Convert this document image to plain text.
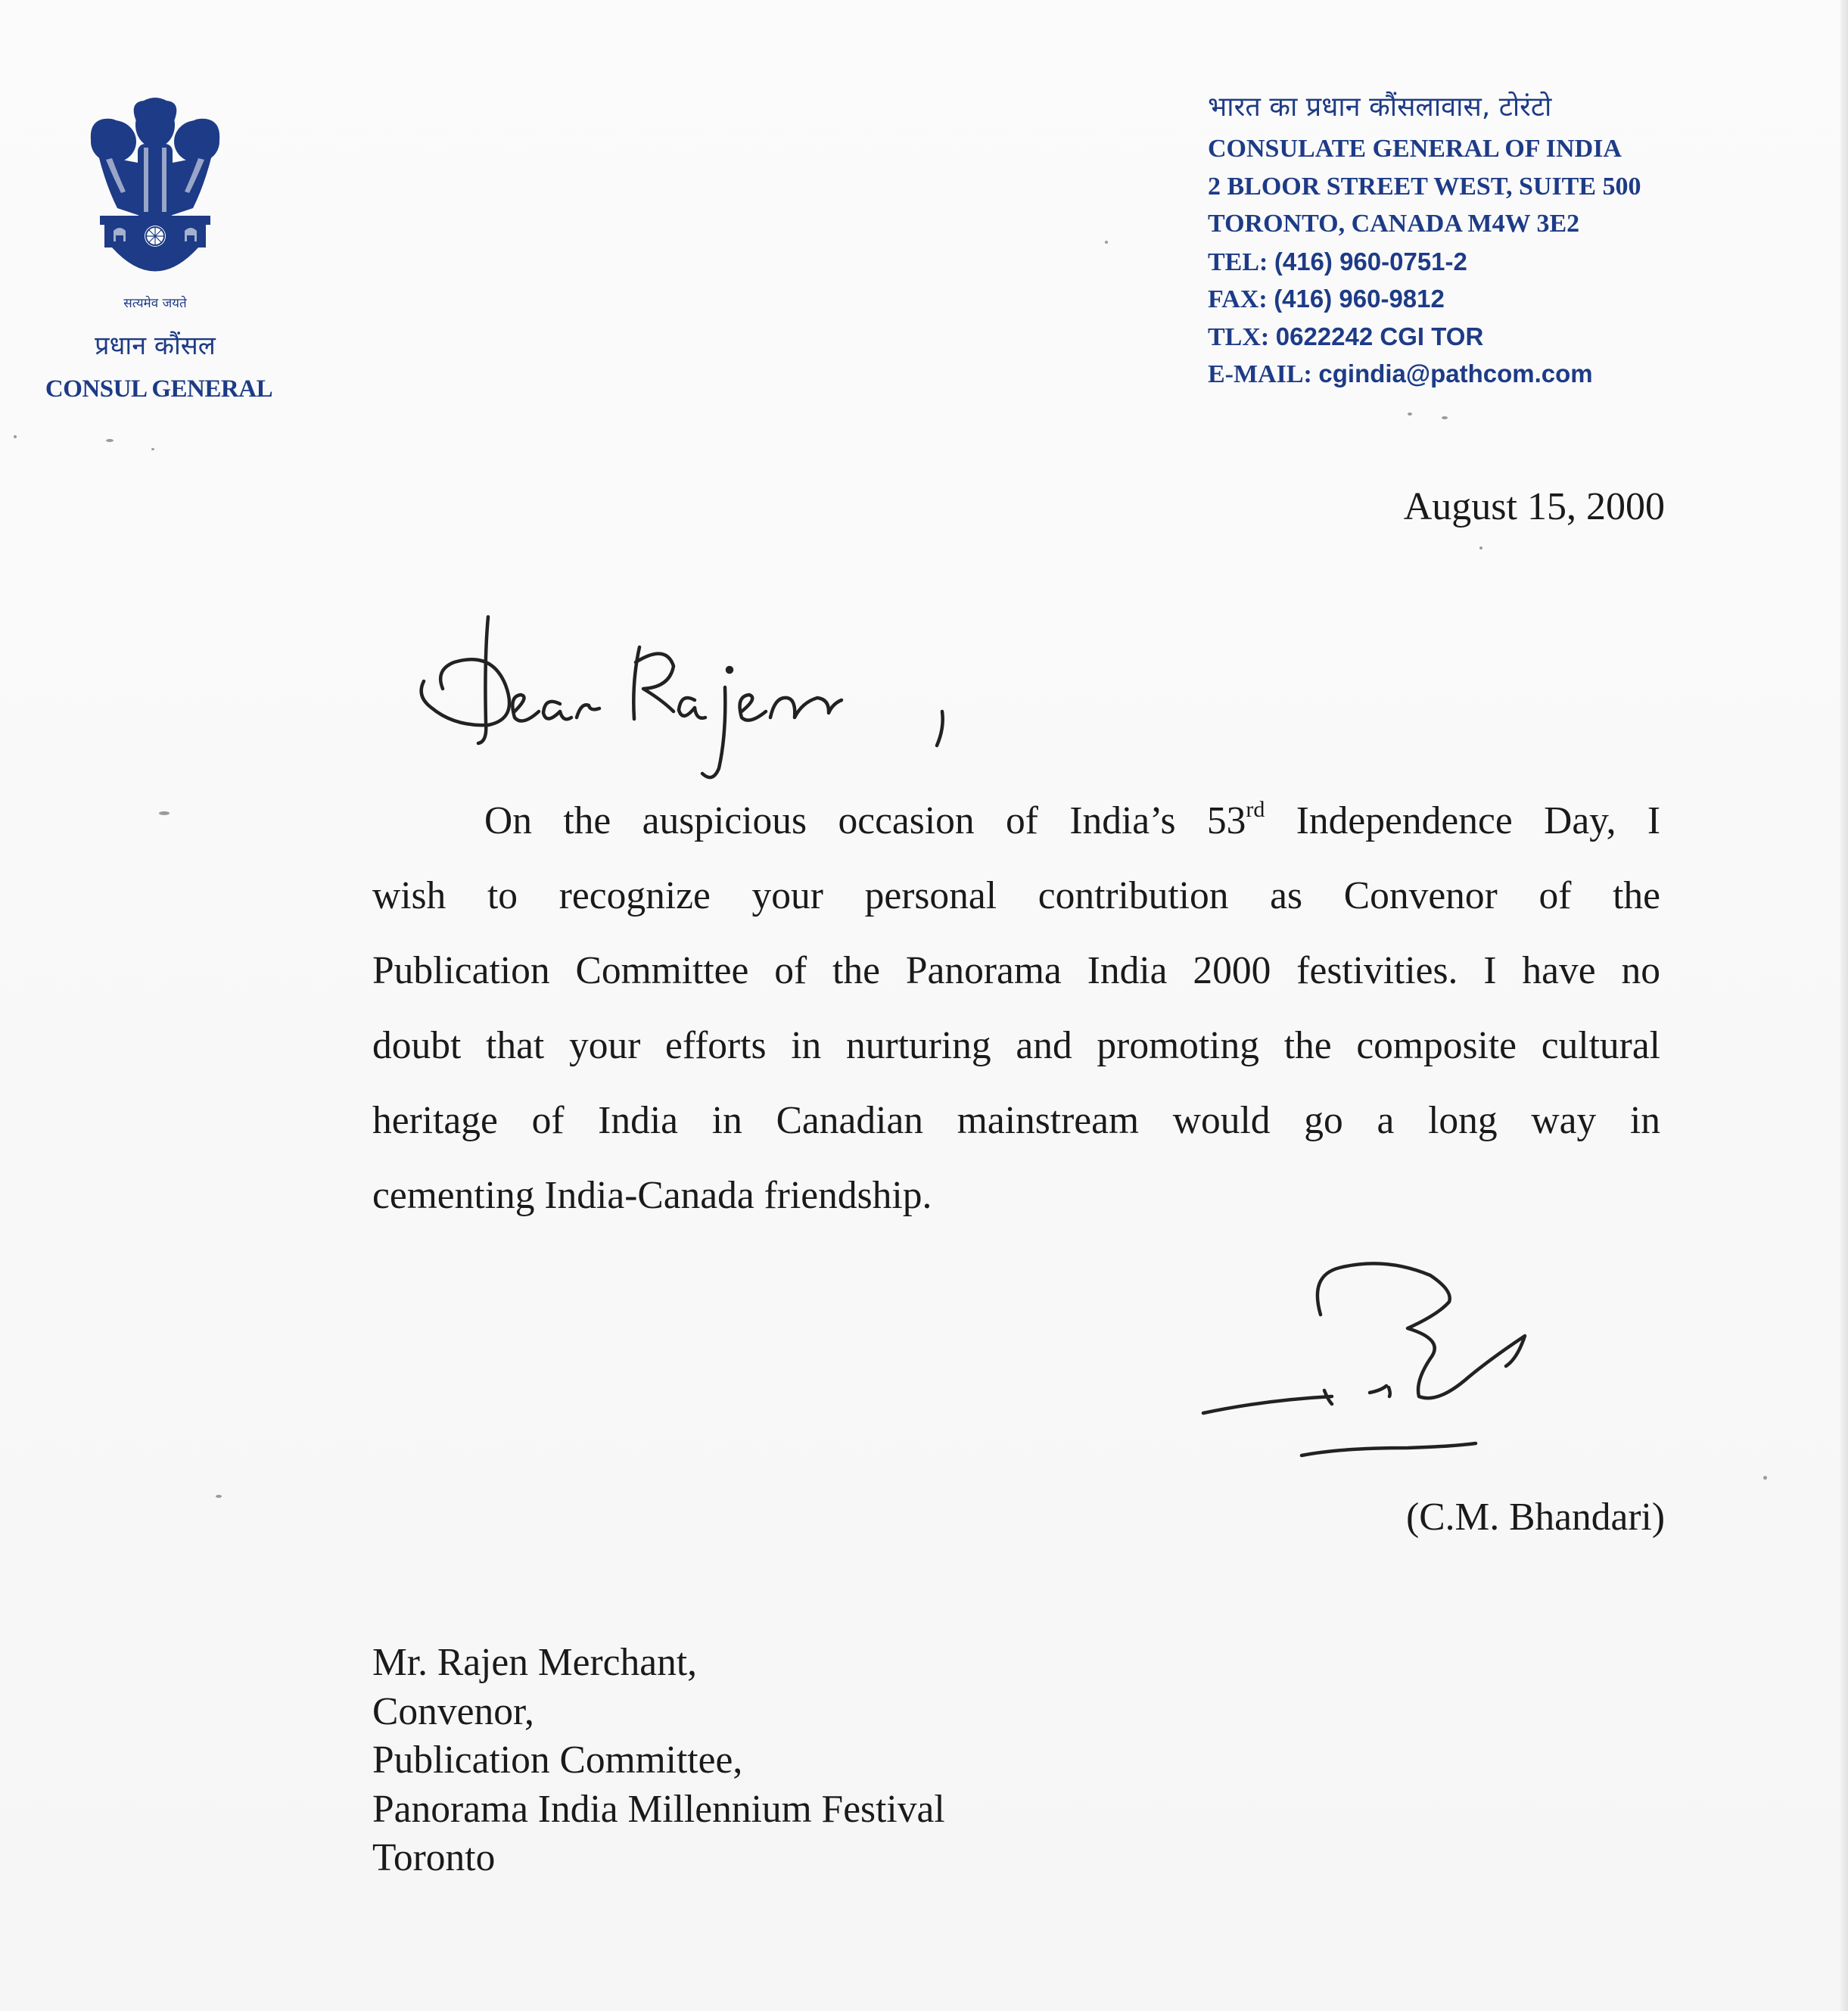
सत्यमेव जयते
प्रधान कौंसल
CONSUL GENERAL
भारत का प्रधान कौंसलावास, टोरंटो
CONSULATE GENERAL OF INDIA
2 BLOOR STREET WEST, SUITE 500
TORONTO, CANADA M4W 3E2
TEL: (416) 960-0751-2
FAX: (416) 960-9812
TLX: 0622242 CGI TOR
E-MAIL: cgindia@pathcom.com
August 15, 2000
Dear Rajen,
On the auspicious occasion of India’s 53rd Independence Day, I
wish to recognize your personal contribution as Convenor of the
Publication Committee of the Panorama India 2000 festivities. I have no
doubt that your efforts in nurturing and promoting the composite cultural
heritage of India in Canadian mainstream would go a long way in
cementing India-Canada friendship.
(C.M. Bhandari)
Mr. Rajen Merchant,
Convenor,
Publication Committee,
Panorama India Millennium Festival
Toronto
